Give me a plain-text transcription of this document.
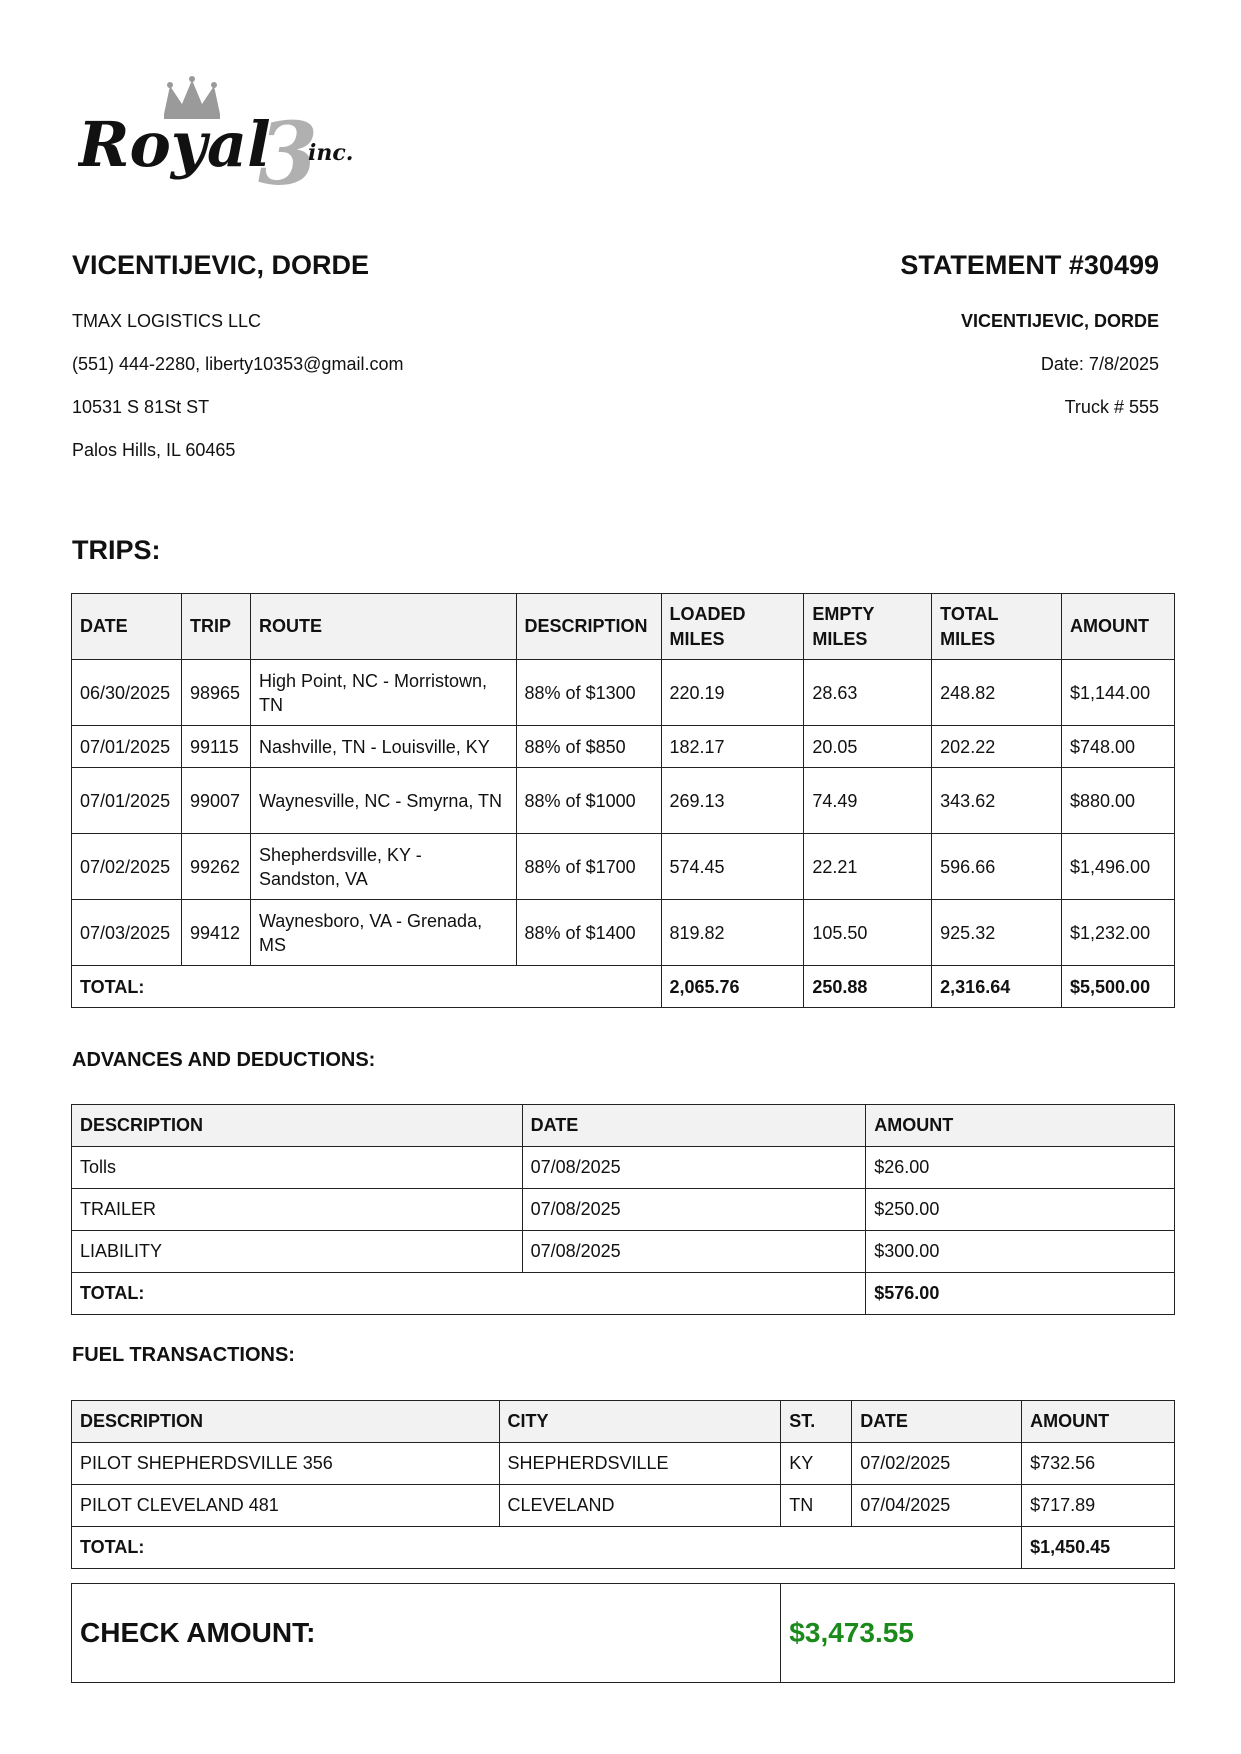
Royal
3
inc.
VICENTIJEVIC, DORDE
TMAX LOGISTICS LLC
(551) 444-2280, liberty10353@gmail.com
10531 S 81St ST
Palos Hills, IL 60465
STATEMENT #30499
VICENTIJEVIC, DORDE
Date: 7/8/2025
Truck # 555
TRIPS:
DATE	TRIP	ROUTE	DESCRIPTION	LOADED MILES	EMPTY MILES	TOTAL MILES	AMOUNT
06/30/2025	98965	High Point, NC - Morristown, TN	88% of $1300	220.19	28.63	248.82	$1,144.00
07/01/2025	99115	Nashville, TN - Louisville, KY	88% of $850	182.17	20.05	202.22	$748.00
07/01/2025	99007	Waynesville, NC - Smyrna, TN	88% of $1000	269.13	74.49	343.62	$880.00
07/02/2025	99262	Shepherdsville, KY - Sandston, VA	88% of $1700	574.45	22.21	596.66	$1,496.00
07/03/2025	99412	Waynesboro, VA - Grenada, MS	88% of $1400	819.82	105.50	925.32	$1,232.00
TOTAL:				2,065.76	250.88	2,316.64	$5,500.00
ADVANCES AND DEDUCTIONS:
DESCRIPTION	DATE	AMOUNT
Tolls	07/08/2025	$26.00
TRAILER	07/08/2025	$250.00
LIABILITY	07/08/2025	$300.00
TOTAL:		$576.00
FUEL TRANSACTIONS:
DESCRIPTION	CITY	ST.	DATE	AMOUNT
PILOT SHEPHERDSVILLE 356	SHEPHERDSVILLE	KY	07/02/2025	$732.56
PILOT CLEVELAND 481	CLEVELAND	TN	07/04/2025	$717.89
TOTAL:				$1,450.45
CHECK AMOUNT:	$3,473.55
